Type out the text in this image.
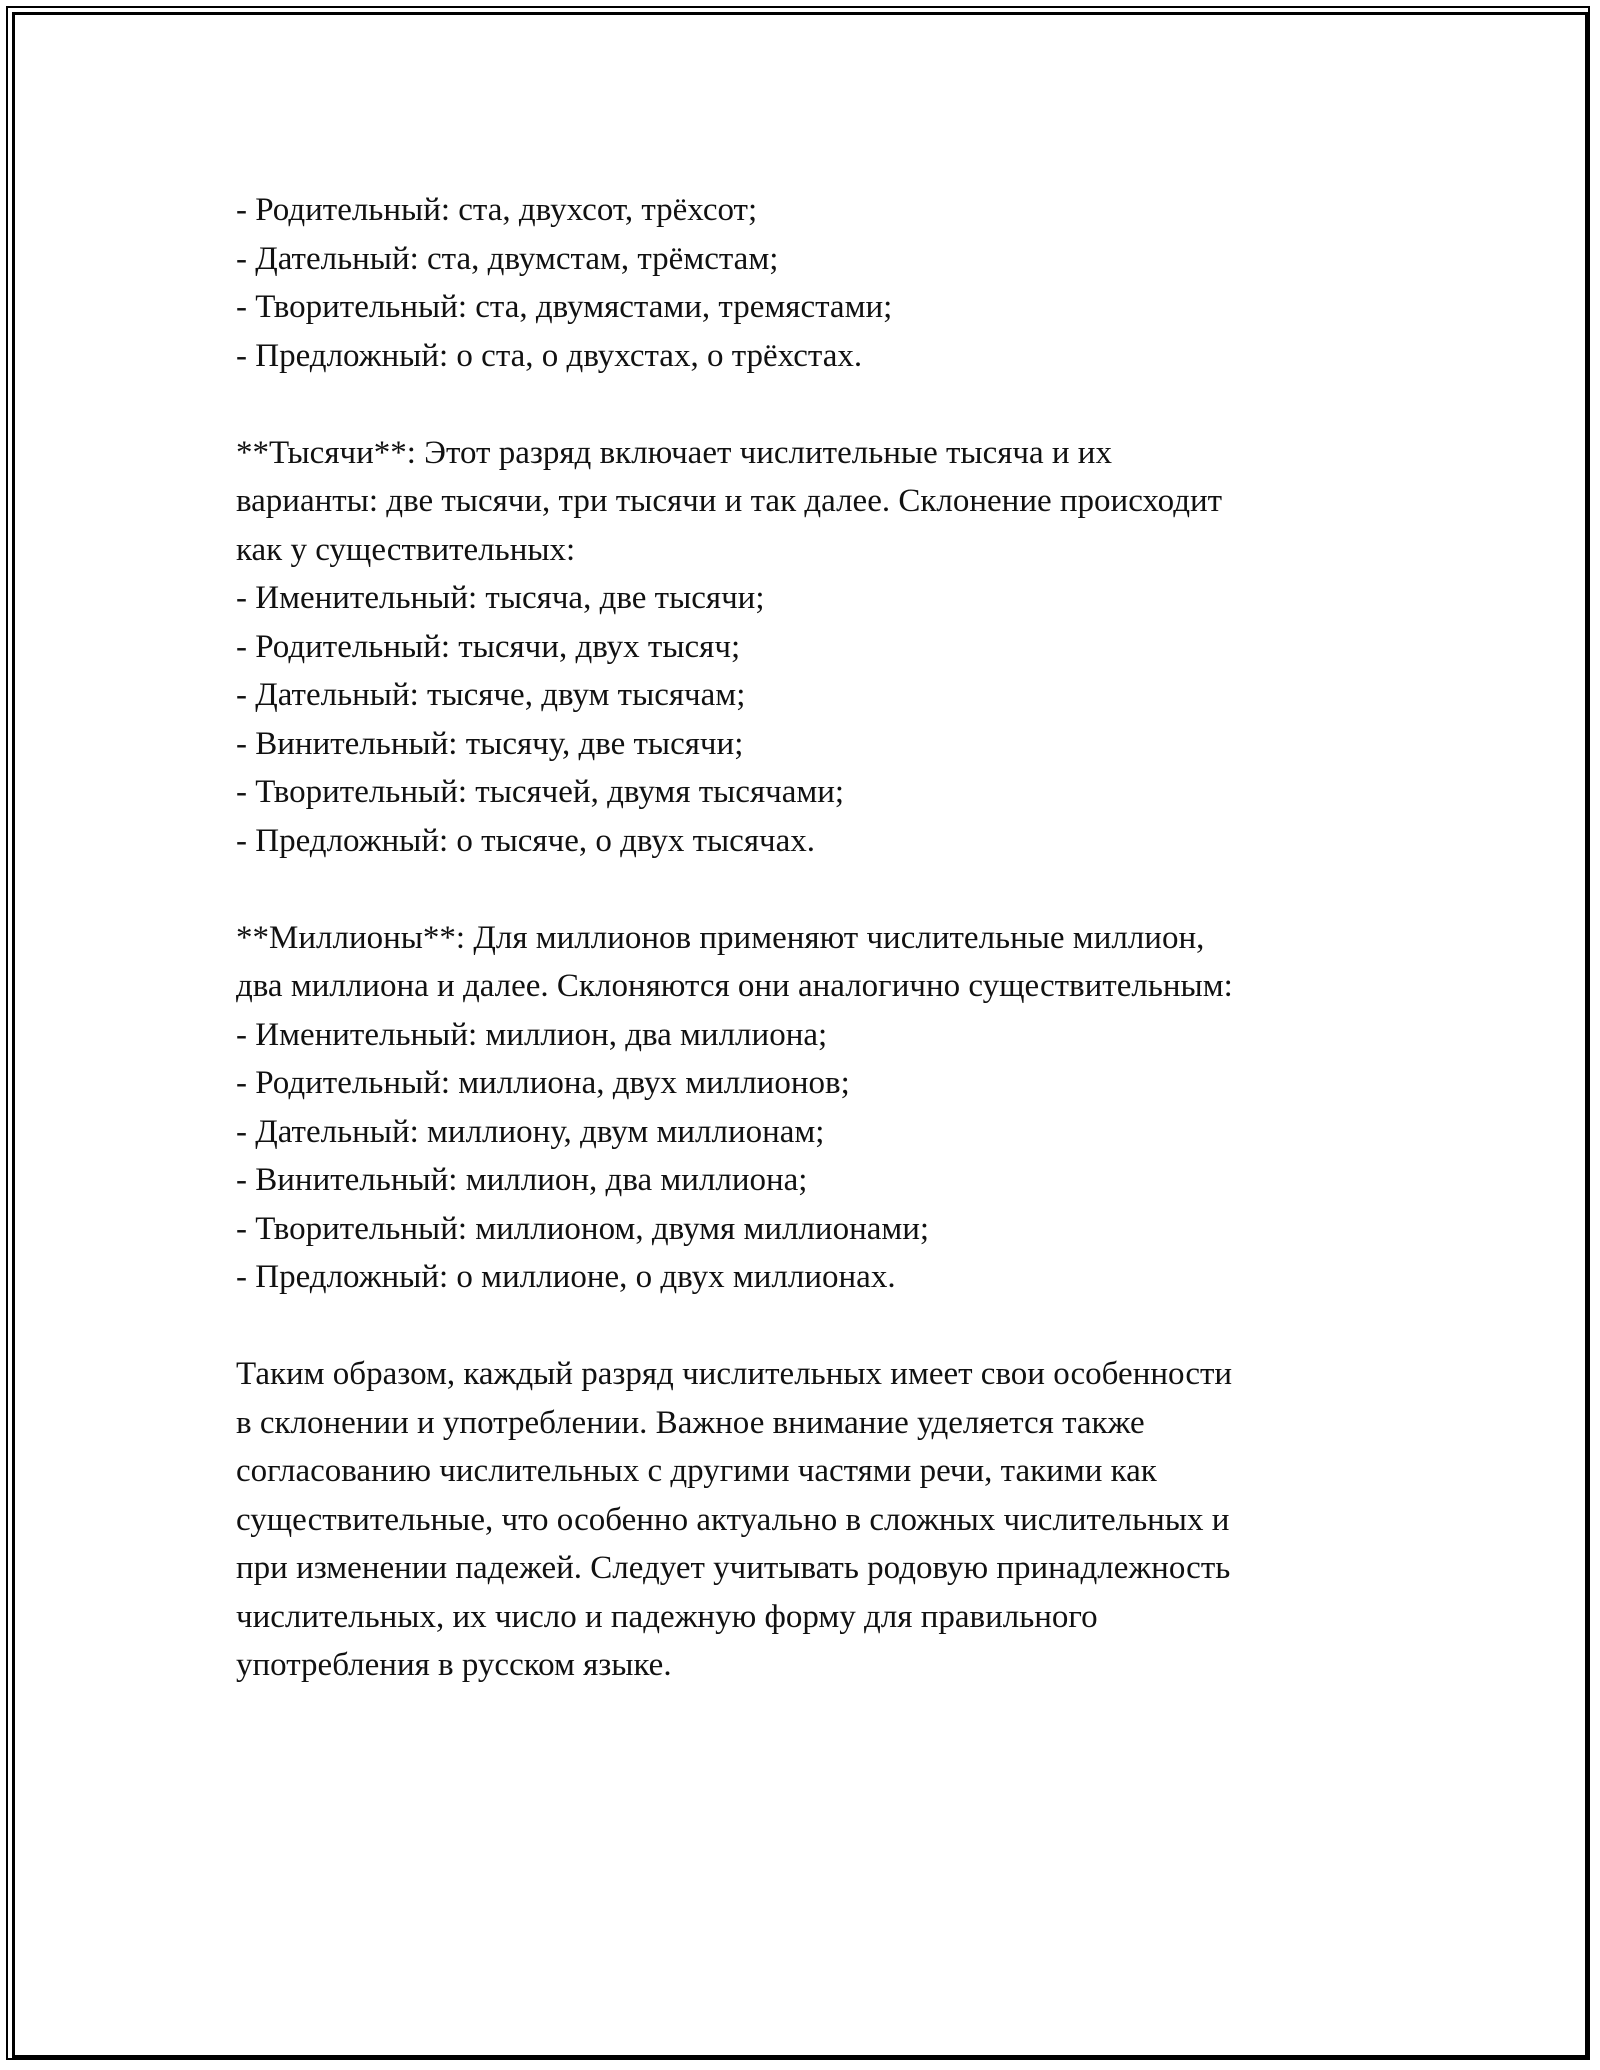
- Родительный: ста, двухсот, трёхсот;
- Дательный: ста, двумстам, трёмстам;
- Творительный: ста, двумястами, тремястами;
- Предложный: о ста, о двухстах, о трёхстах.
**Тысячи**: Этот разряд включает числительные тысяча и их
варианты: две тысячи, три тысячи и так далее. Склонение происходит
как у существительных:
- Именительный: тысяча, две тысячи;
- Родительный: тысячи, двух тысяч;
- Дательный: тысяче, двум тысячам;
- Винительный: тысячу, две тысячи;
- Творительный: тысячей, двумя тысячами;
- Предложный: о тысяче, о двух тысячах.
**Миллионы**: Для миллионов применяют числительные миллион,
два миллиона и далее. Склоняются они аналогично существительным:
- Именительный: миллион, два миллиона;
- Родительный: миллиона, двух миллионов;
- Дательный: миллиону, двум миллионам;
- Винительный: миллион, два миллиона;
- Творительный: миллионом, двумя миллионами;
- Предложный: о миллионе, о двух миллионах.
Таким образом, каждый разряд числительных имеет свои особенности
в склонении и употреблении. Важное внимание уделяется также
согласованию числительных с другими частями речи, такими как
существительные, что особенно актуально в сложных числительных и
при изменении падежей. Следует учитывать родовую принадлежность
числительных, их число и падежную форму для правильного
употребления в русском языке.
